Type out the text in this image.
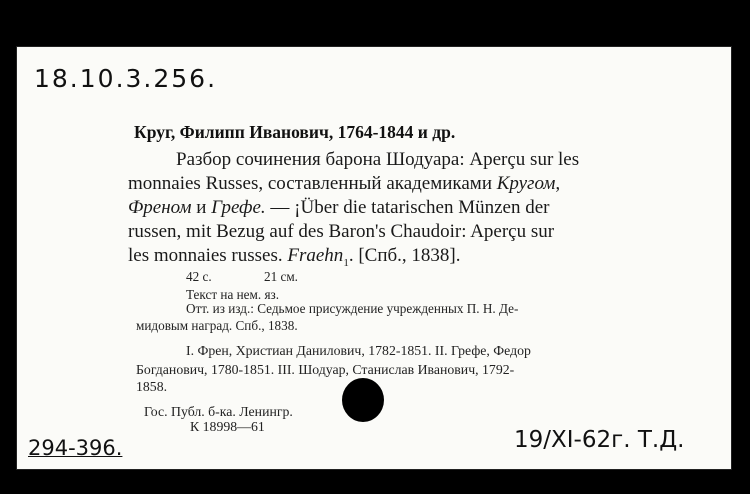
18.10.3.256.
Круг, Филипп Иванович, 1764-1844 и др.
Разбор сочинения барона Шодуара: Aperçu sur les
monnaies Russes, составленный академиками Кругом,
Френом и Грефе. — ¡Über die tatarischen Münzen der
russen, mit Bezug auf des Baron's Chaudoir: Aperçu sur
les monnaies russes. Fraehn$_1$. [Спб., 1838].
42 с.	21 см.
Текст на нем. яз.
Отт. из изд.: Седьмое присуждение учрежденных П. Н. Де-
мидовым наград. Спб., 1838.
I. Френ, Христиан Данилович, 1782-1851. II. Грефе, Федор
Богданович, 1780-1851. III. Шодуар, Станислав Иванович, 1792-
1858.
Гос. Публ. б-ка. Ленингр.
К 18998—61
294-396.	19/XI-62г. Т.Д.
